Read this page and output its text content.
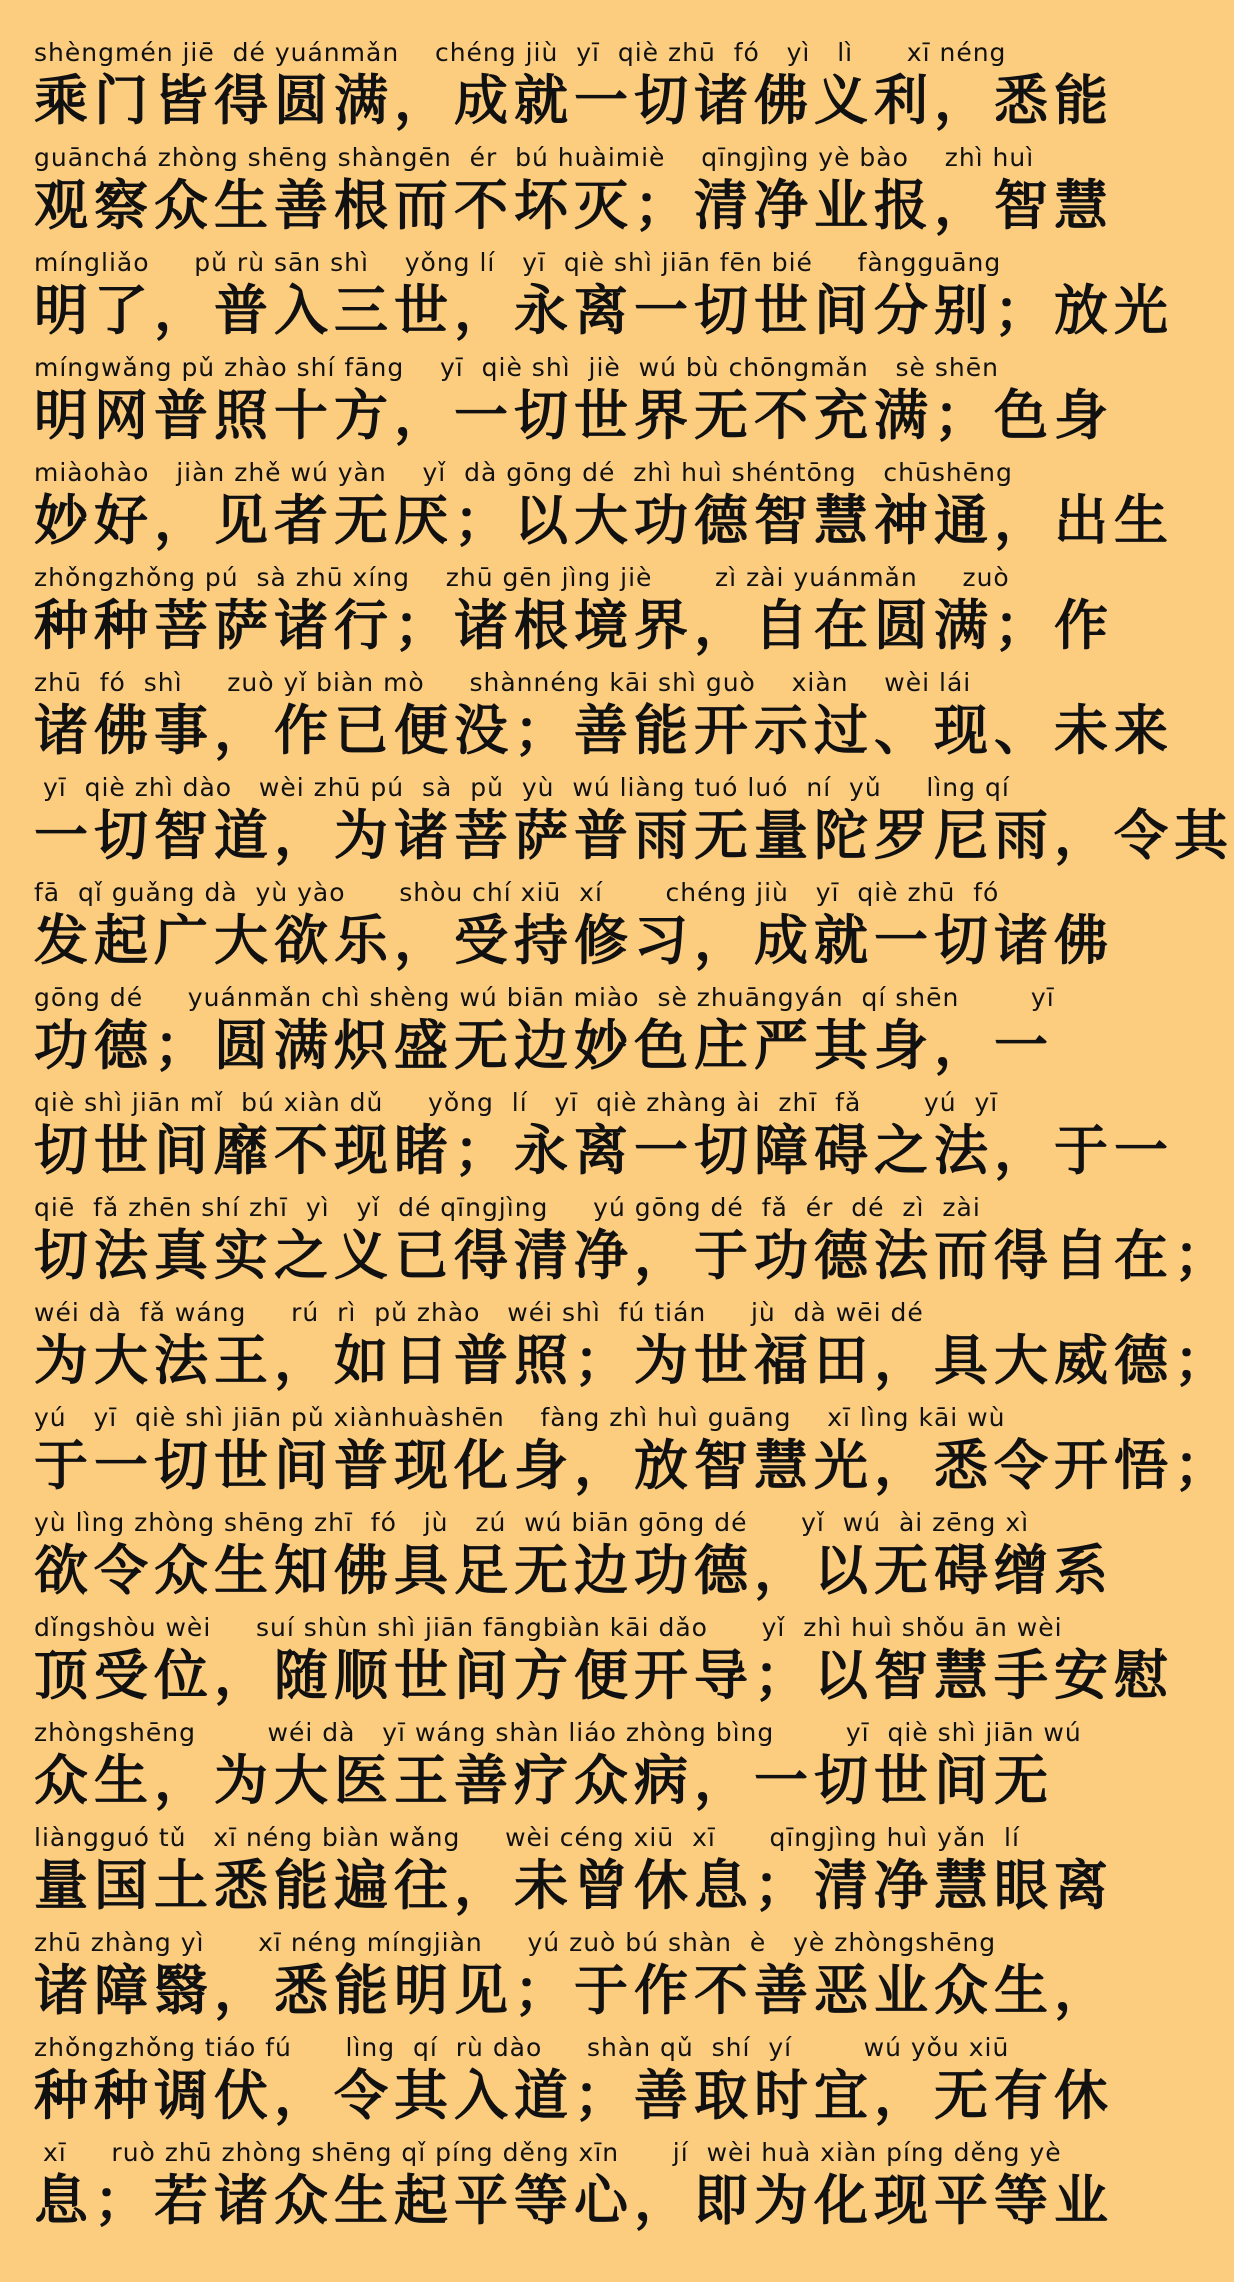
shèngmén jiē  dé yuánmǎn    chéng jiù  yī  qiè zhū  fó   yì   lì      xī néng
乘 门 皆 得 圆 满 ， 成 就 一 切 诸 佛 义 利 ， 悉 能
guānchá zhòng shēng shàngēn  ér  bú huàimiè    qīngjìng yè bào    zhì huì
观 察 众 生 善 根 而 不 坏 灭 ； 清 净 业 报 ， 智 慧
míngliǎo     pǔ rù sān shì    yǒng lí   yī  qiè shì jiān fēn bié     fàngguāng
明 了 ， 普 入 三 世 ， 永 离 一 切 世 间 分 别 ； 放 光
míngwǎng pǔ zhào shí fāng    yī  qiè shì  jiè  wú bù chōngmǎn   sè shēn
明 网 普 照 十 方 ， 一 切 世 界 无 不 充 满 ； 色 身
miàohào   jiàn zhě wú yàn    yǐ  dà gōng dé  zhì huì shéntōng   chūshēng
妙 好 ， 见 者 无 厌 ； 以 大 功 德 智 慧 神 通 ， 出 生
zhǒngzhǒng pú  sà zhū xíng    zhū gēn jìng jiè       zì zài yuánmǎn     zuò
种 种 菩 萨 诸 行 ； 诸 根 境 界 ， 自 在 圆 满 ； 作
zhū  fó  shì     zuò yǐ biàn mò     shànnéng kāi shì guò    xiàn    wèi lái
诸 佛 事 ， 作 已 便 没 ； 善 能 开 示 过 、 现 、 未 来
yī  qiè zhì dào   wèi zhū pú  sà  pǔ  yù  wú liàng tuó luó  ní  yǔ     lìng qí
一 切 智 道 ， 为 诸 菩 萨 普 雨 无 量 陀 罗 尼 雨 ， 令 其
fā  qǐ guǎng dà  yù yào      shòu chí xiū  xí       chéng jiù   yī  qiè zhū  fó
发 起 广 大 欲 乐 ， 受 持 修 习 ， 成 就 一 切 诸 佛
gōng dé     yuánmǎn chì shèng wú biān miào  sè zhuāngyán  qí shēn        yī
功 德 ； 圆 满 炽 盛 无 边 妙 色 庄 严 其 身 ， 一
qiè shì jiān mǐ  bú xiàn dǔ     yǒng  lí   yī  qiè zhàng ài  zhī  fǎ       yú  yī
切 世 间 靡 不 现 睹 ； 永 离 一 切 障 碍 之 法 ， 于 一
qiē  fǎ zhēn shí zhī  yì   yǐ  dé qīngjìng     yú gōng dé  fǎ  ér  dé  zì  zài
切 法 真 实 之 义 已 得 清 净 ， 于 功 德 法 而 得 自 在 ；
wéi dà  fǎ wáng     rú  rì  pǔ zhào   wéi shì  fú tián     jù  dà wēi dé
为 大 法 王 ， 如 日 普 照 ； 为 世 福 田 ， 具 大 威 德 ；
yú   yī  qiè shì jiān pǔ xiànhuàshēn    fàng zhì huì guāng    xī lìng kāi wù
于 一 切 世 间 普 现 化 身 ， 放 智 慧 光 ， 悉 令 开 悟 ；
yù lìng zhòng shēng zhī  fó   jù   zú  wú biān gōng dé      yǐ  wú  ài zēng xì
欲 令 众 生 知 佛 具 足 无 边 功 德 ， 以 无 碍 缯 系
dǐngshòu wèi     suí shùn shì jiān fāngbiàn kāi dǎo      yǐ  zhì huì shǒu ān wèi
顶 受 位 ， 随 顺 世 间 方 便 开 导 ； 以 智 慧 手 安 慰
zhòngshēng        wéi dà   yī wáng shàn liáo zhòng bìng        yī  qiè shì jiān wú
众 生 ， 为 大 医 王 善 疗 众 病 ， 一 切 世 间 无
liàngguó tǔ   xī néng biàn wǎng     wèi céng xiū  xī      qīngjìng huì yǎn  lí
量 国 土 悉 能 遍 往 ， 未 曾 休 息 ； 清 净 慧 眼 离
zhū zhàng yì      xī néng míngjiàn     yú zuò bú shàn  è   yè zhòngshēng
诸 障 翳 ， 悉 能 明 见 ； 于 作 不 善 恶 业 众 生 ，
zhǒngzhǒng tiáo fú      lìng  qí  rù dào     shàn qǔ  shí  yí        wú yǒu xiū
种 种 调 伏 ， 令 其 入 道 ； 善 取 时 宜 ， 无 有 休
xī     ruò zhū zhòng shēng qǐ píng děng xīn      jí  wèi huà xiàn píng děng yè
息 ； 若 诸 众 生 起 平 等 心 ， 即 为 化 现 平 等 业
